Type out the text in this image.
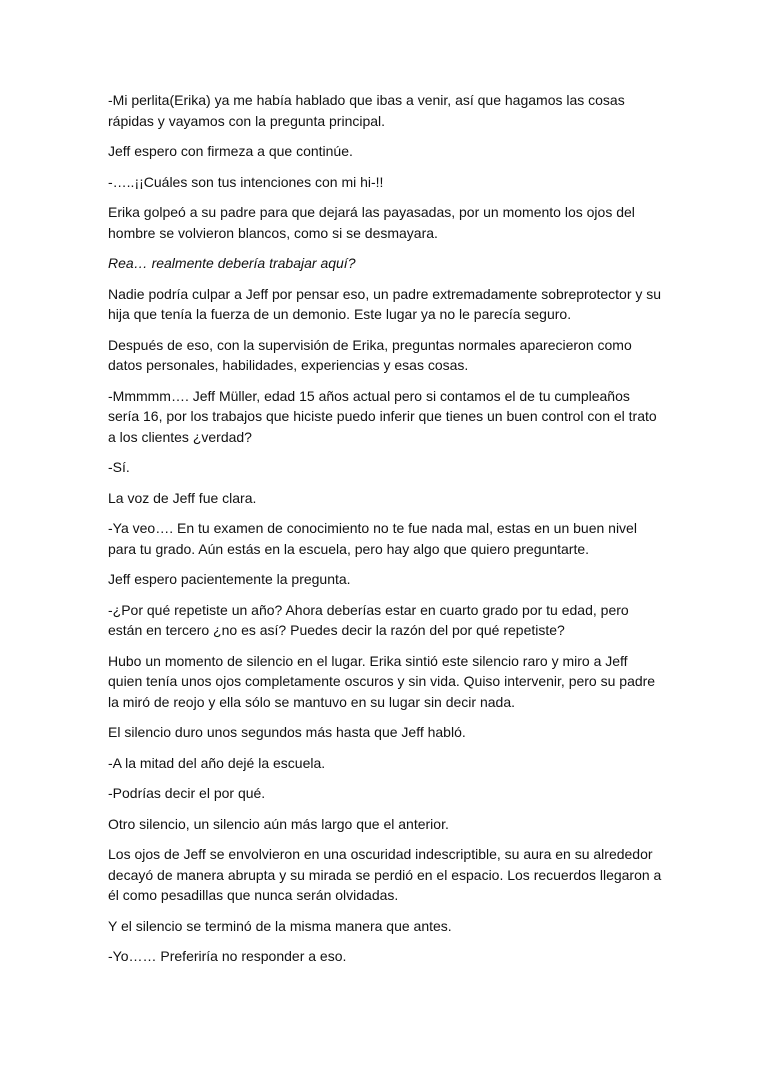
-Mi perlita(Erika) ya me había hablado que ibas a venir, así que hagamos las cosas rápidas y vayamos con la pregunta principal.

Jeff espero con firmeza a que continúe.

-…..¡¡Cuáles son tus intenciones con mi hi-!!

Erika golpeó a su padre para que dejará las payasadas, por un momento los ojos del hombre se volvieron blancos, como si se desmayara.

Rea… realmente debería trabajar aquí?

Nadie podría culpar a Jeff por pensar eso, un padre extremadamente sobreprotector y su hija que tenía la fuerza de un demonio. Este lugar ya no le parecía seguro.

Después de eso, con la supervisión de Erika, preguntas normales aparecieron como datos personales, habilidades, experiencias y esas cosas.

-Mmmmm…. Jeff Müller, edad 15 años actual pero si contamos el de tu cumpleaños sería 16, por los trabajos que hiciste puedo inferir que tienes un buen control con el trato a los clientes ¿verdad?

-Sí.

La voz de Jeff fue clara.

-Ya veo…. En tu examen de conocimiento no te fue nada mal, estas en un buen nivel para tu grado. Aún estás en la escuela, pero hay algo que quiero preguntarte.

Jeff espero pacientemente la pregunta.

-¿Por qué repetiste un año? Ahora deberías estar en cuarto grado por tu edad, pero están en tercero ¿no es así? Puedes decir la razón del por qué repetiste?

Hubo un momento de silencio en el lugar. Erika sintió este silencio raro y miro a Jeff quien tenía unos ojos completamente oscuros y sin vida. Quiso intervenir, pero su padre la miró de reojo y ella sólo se mantuvo en su lugar sin decir nada.

El silencio duro unos segundos más hasta que Jeff habló.

-A la mitad del año dejé la escuela.

-Podrías decir el por qué.

Otro silencio, un silencio aún más largo que el anterior.

Los ojos de Jeff se envolvieron en una oscuridad indescriptible, su aura en su alrededor decayó de manera abrupta y su mirada se perdió en el espacio. Los recuerdos llegaron a él como pesadillas que nunca serán olvidadas.

Y el silencio se terminó de la misma manera que antes.

-Yo…… Preferiría no responder a eso.
